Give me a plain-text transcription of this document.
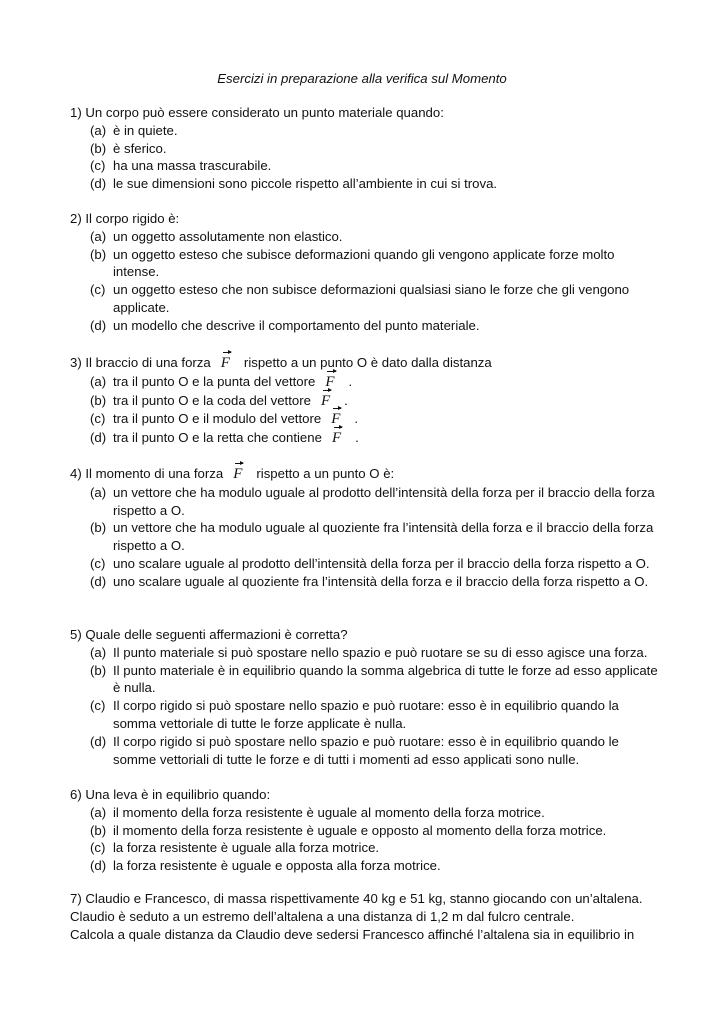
Esercizi in preparazione alla verifica sul Momento
1) Un corpo può essere considerato un punto materiale quando:
(a) è in quiete.
(b) è sferico.
(c) ha una massa trascurabile.
(d) le sue dimensioni sono piccole rispetto all’ambiente in cui si trova.
2) Il corpo rigido è:
(a) un oggetto assolutamente non elastico.
(b) un oggetto esteso che subisce deformazioni quando gli vengono applicate forze molto intense.
(c) un oggetto esteso che non subisce deformazioni qualsiasi siano le forze che gli vengono applicate.
(d) un modello che descrive il comportamento del punto materiale.
3) Il braccio di una forza F rispetto a un punto O è dato dalla distanza
(a) tra il punto O e la punta del vettore F .
(b) tra il punto O e la coda del vettore F .
(c) tra il punto O e il modulo del vettore F .
(d) tra il punto O e la retta che contiene F .
4) Il momento di una forza F rispetto a un punto O è:
(a) un vettore che ha modulo uguale al prodotto dell’intensità della forza per il braccio della forza rispetto a O.
(b) un vettore che ha modulo uguale al quoziente fra l’intensità della forza e il braccio della forza rispetto a O.
(c) uno scalare uguale al prodotto dell’intensità della forza per il braccio della forza rispetto a O.
(d) uno scalare uguale al quoziente fra l’intensità della forza e il braccio della forza rispetto a O.
5) Quale delle seguenti affermazioni è corretta?
(a) Il punto materiale si può spostare nello spazio e può ruotare se su di esso agisce una forza.
(b) Il punto materiale è in equilibrio quando la somma algebrica di tutte le forze ad esso applicate è nulla.
(c) Il corpo rigido si può spostare nello spazio e può ruotare: esso è in equilibrio quando la somma vettoriale di tutte le forze applicate è nulla.
(d) Il corpo rigido si può spostare nello spazio e può ruotare: esso è in equilibrio quando le somme vettoriali di tutte le forze e di tutti i momenti ad esso applicati sono nulle.
6) Una leva è in equilibrio quando:
(a) il momento della forza resistente è uguale al momento della forza motrice.
(b) il momento della forza resistente è uguale e opposto al momento della forza motrice.
(c) la forza resistente è uguale alla forza motrice.
(d) la forza resistente è uguale e opposta alla forza motrice.
7) Claudio e Francesco, di massa rispettivamente 40 kg e 51 kg, stanno giocando con un’altalena.
Claudio è seduto a un estremo dell’altalena a una distanza di 1,2 m dal fulcro centrale.
Calcola a quale distanza da Claudio deve sedersi Francesco affinché l’altalena sia in equilibrio in
